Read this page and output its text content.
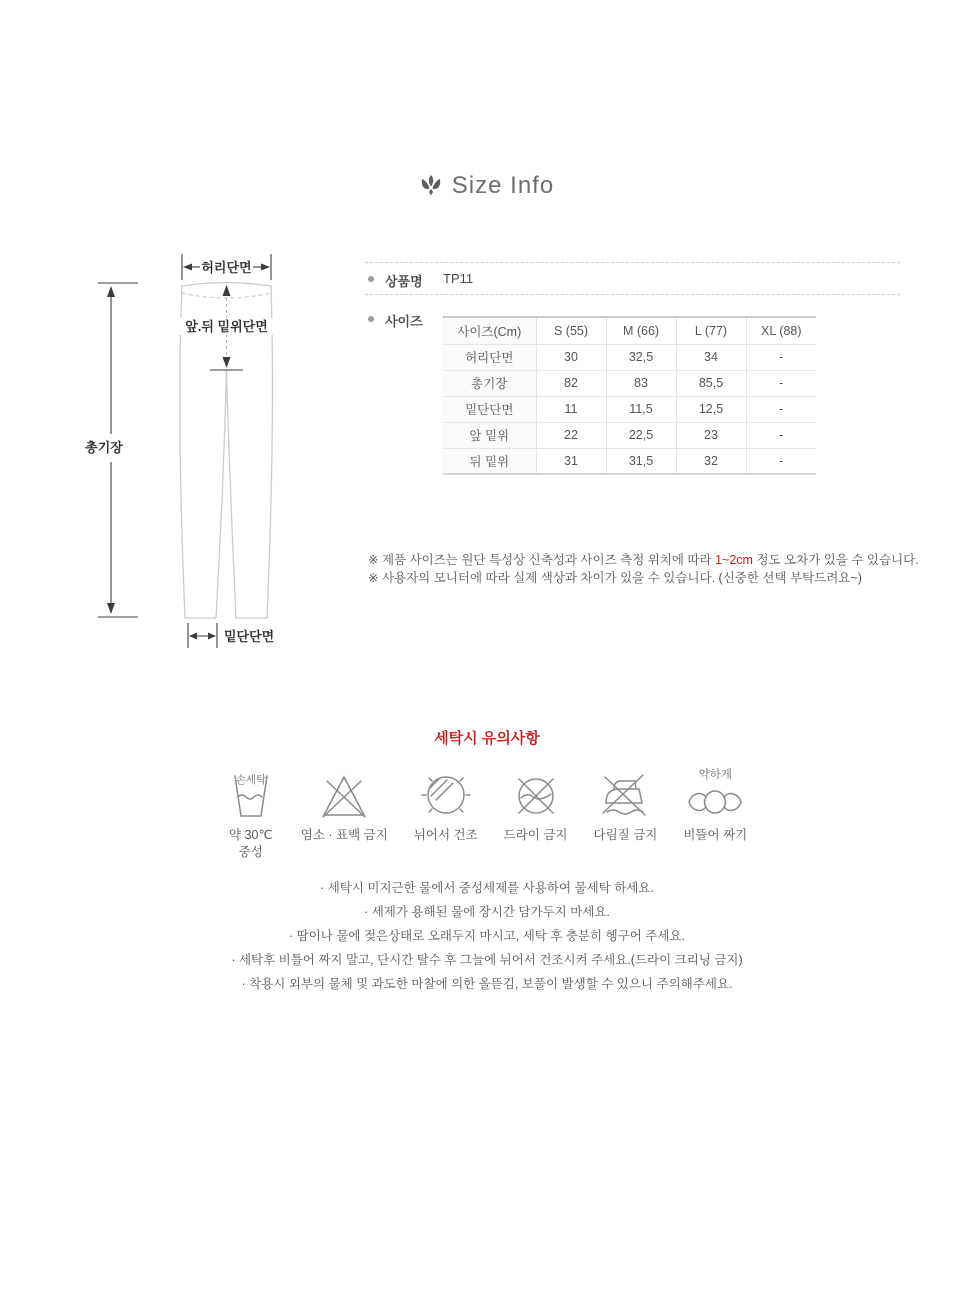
Size Info
허리단면
앞.뒤 밑위단면
총기장
밑단단면
상품명 TP11
사이즈
사이즈(Cm)	S (55)	M (66)	L (77)	XL (88)
허리단면	30	32,5	34	-
총기장	82	83	85,5	-
밑단단면	11	11,5	12,5	-
앞 밑위	22	22,5	23	-
뒤 밑위	31	31,5	32	-
※ 제품 사이즈는 원단 특성상 신축성과 사이즈 측정 위치에 따라 1~2cm 정도 오차가 있을 수 있습니다.
※ 사용자의 모니터에 따라 실제 색상과 차이가 있을 수 있습니다. (신중한 선택 부탁드려요~)
세탁시 유의사항
손세탁
약 30℃
중성
염소 · 표백 금지 뉘어서 건조 드라이 금지 다림질 금지
약하게
비뜰어 짜기
· 세탁시 미지근한 물에서 중성세제를 사용하여 물세탁 하세요.
· 세제가 용해된 물에 장시간 담가두지 마세요.
· 땀이나 물에 젖은상태로 오래두지 마시고, 세탁 후 충분히 헹구어 주세요.
· 세탁후 비틀어 짜지 말고, 단시간 탈수 후 그늘에 뉘어서 건조시켜 주세요.(드라이 크리닝 금지)
· 착용시 외부의 물체 및 과도한 마찰에 의한 올뜯김, 보풀이 발생할 수 있으니 주의해주세요.
